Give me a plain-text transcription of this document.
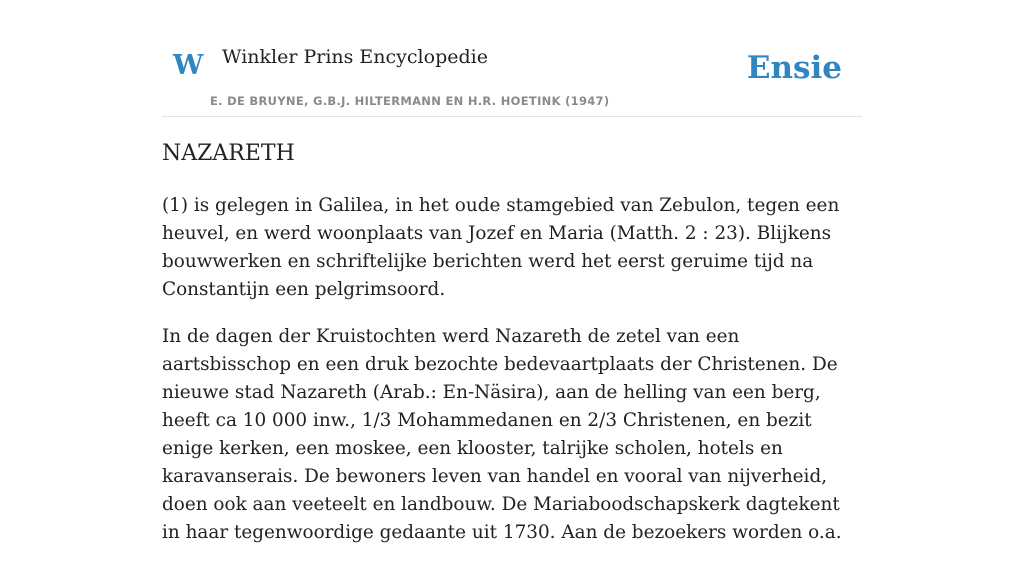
W Winkler Prins Encyclopedie
E. DE BRUYNE, G.B.J. HILTERMANN EN H.R. HOETINK (1947)
Ensie
NAZARETH

(1) is gelegen in Galilea, in het oude stamgebied van Zebulon, tegen een heuvel, en werd woonplaats van Jozef en Maria (Matth. 2 : 23). Blijkens bouwwerken en schriftelijke berichten werd het eerst geruime tijd na Constantijn een pelgrimsoord.

In de dagen der Kruistochten werd Nazareth de zetel van een aartsbisschop en een druk bezochte bedevaartplaats der Christenen. De nieuwe stad Nazareth (Arab.: En-Näsira), aan de helling van een berg, heeft ca 10 000 inw., 1/3 Mohammedanen en 2/3 Christenen, en bezit enige kerken, een moskee, een klooster, talrijke scholen, hotels en karavanserais. De bewoners leven van handel en vooral van nijverheid, doen ook aan veeteelt en landbouw. De Mariaboodschapskerk dagtekent in haar tegenwoordige gedaante uit 1730. Aan de bezoekers worden o.a.
